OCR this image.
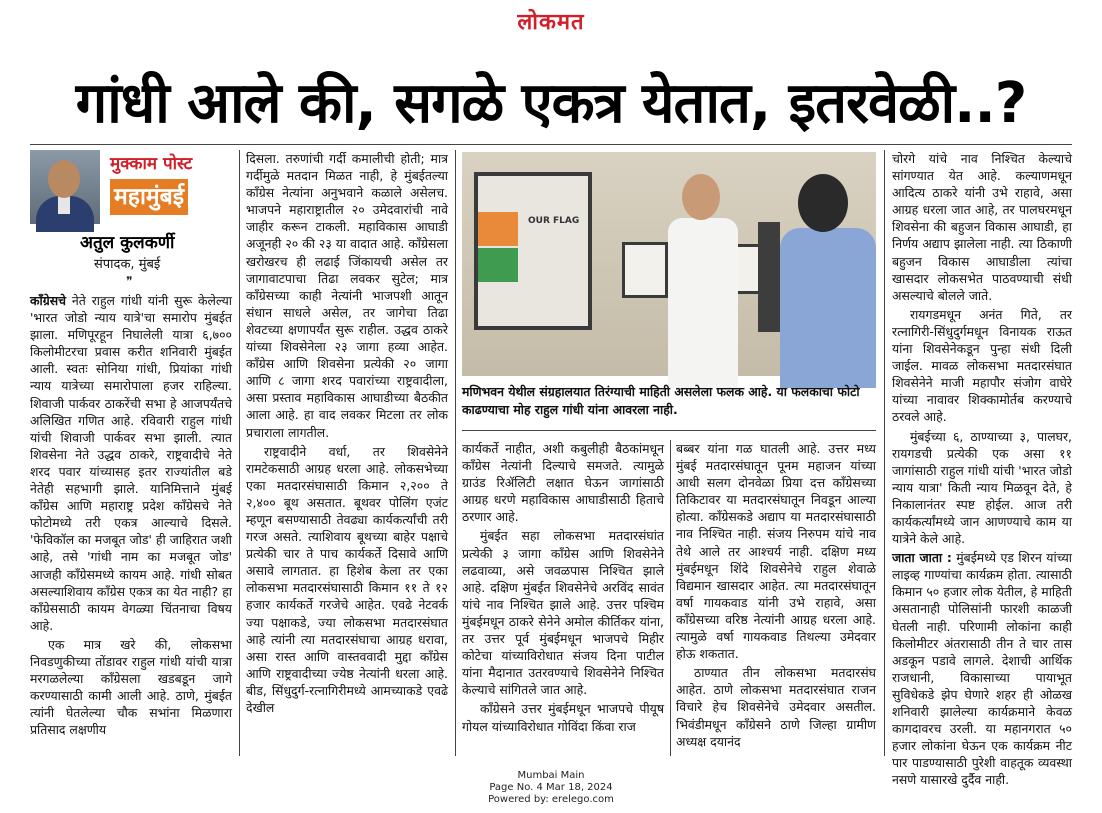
लोकमत
गांधी आले की, सगळे एकत्र येतात, इतरवेळी..?
मुक्काम पोस्ट
महामुंबई
अतुल कुलकर्णी
संपादक, मुंबई
❞

काँग्रेसचे नेते राहुल गांधी यांनी सुरू केलेल्या 'भारत जोडो न्याय यात्रे'चा समारोप मुंबईत झाला. मणिपूरहून निघालेली यात्रा ६,७०० किलोमीटरचा प्रवास करीत शनिवारी मुंबईत आली. स्वतः सोनिया गांधी, प्रियांका गांधी न्याय यात्रेच्या समारोपाला हजर राहिल्या. शिवाजी पार्कवर ठाकरेंची सभा हे आजपर्यंतचे अलिखित गणित आहे. रविवारी राहुल गांधी यांची शिवाजी पार्कवर सभा झाली. त्यात शिवसेना नेते उद्धव ठाकरे, राष्ट्रवादीचे नेते शरद पवार यांच्यासह इतर राज्यांतील बडे नेतेही सहभागी झाले. यानिमित्ताने मुंबई काँग्रेस आणि महाराष्ट्र प्रदेश काँग्रेसचे नेते फोटोमध्ये तरी एकत्र आल्याचे दिसले. 'फेविकॉल का मजबूत जोड' ही जाहिरात जशी आहे, तसे 'गांधी नाम का मजबूत जोड' आजही काँग्रेसमध्ये कायम आहे. गांधी सोबत असल्याशिवाय काँग्रेस एकत्र का येत नाही? हा काँग्रेससाठी कायम वेगळ्या चिंतनाचा विषय आहे.

एक मात्र खरे की, लोकसभा निवडणुकीच्या तोंडावर राहुल गांधी यांची यात्रा मरगळलेल्या काँग्रेसला खडबडून जागे करण्यासाठी कामी आली आहे. ठाणे, मुंबईत त्यांनी घेतलेल्या चौक सभांना मिळणारा प्रतिसाद लक्षणीय

दिसला. तरुणांची गर्दी कमालीची होती; मात्र गर्दीमुळे मतदान मिळत नाही, हे मुंबईतल्या काँग्रेस नेत्यांना अनुभवाने कळाले असेलच. भाजपने महाराष्ट्रातील २० उमेदवारांची नावे जाहीर करून टाकली. महाविकास आघाडी अजूनही २० की २३ या वादात आहे. काँग्रेसला खरोखरच ही लढाई जिंकायची असेल तर जागावाटपाचा तिढा लवकर सुटेल; मात्र काँग्रेसच्या काही नेत्यांनी भाजपशी आतून संधान साधले असेल, तर जागेचा तिढा शेवटच्या क्षणापर्यंत सुरू राहील. उद्धव ठाकरे यांच्या शिवसेनेला २३ जागा हव्या आहेत. काँग्रेस आणि शिवसेना प्रत्येकी २० जागा आणि ८ जागा शरद पवारांच्या राष्ट्रवादीला, असा प्रस्ताव महाविकास आघाडीच्या बैठकीत आला आहे. हा वाद लवकर मिटला तर लोक प्रचाराला लागतील.

राष्ट्रवादीने वर्धा, तर शिवसेनेने रामटेकसाठी आग्रह धरला आहे. लोकसभेच्या एका मतदारसंघासाठी किमान २,२०० ते २,४०० बूथ असतात. बूथवर पोलिंग एजंट म्हणून बसण्यासाठी तेवढ्या कार्यकर्त्यांची तरी गरज असते. त्याशिवाय बूथच्या बाहेर पक्षाचे प्रत्येकी चार ते पाच कार्यकर्ते दिसावे आणि असावे लागतात. हा हिशेब केला तर एका लोकसभा मतदारसंघासाठी किमान ११ ते १२ हजार कार्यकर्ते गरजेचे आहेत. एवढे नेटवर्क ज्या पक्षाकडे, ज्या लोकसभा मतदारसंघात आहे त्यांनी त्या मतदारसंघाचा आग्रह धरावा, असा रास्त आणि वास्तववादी मुद्दा काँग्रेस आणि राष्ट्रवादीच्या ज्येष्ठ नेत्यांनी धरला आहे. बीड, सिंधुदुर्ग-रत्नागिरीमध्ये आमच्याकडे एवढे देखील

OUR FLAG
मणिभवन येथील संग्रहालयात तिरंग्याची माहिती असलेला फलक आहे. या फलकाचा फोटो काढण्याचा मोह राहुल गांधी यांना आवरला नाही.

कार्यकर्ते नाहीत, अशी कबुलीही बैठकांमधून काँग्रेस नेत्यांनी दिल्याचे समजते. त्यामुळे ग्राउंड रिॲलिटी लक्षात घेऊन जागांसाठी आग्रह धरणे महाविकास आघाडीसाठी हिताचे ठरणार आहे.

मुंबईत सहा लोकसभा मतदारसंघांत प्रत्येकी ३ जागा काँग्रेस आणि शिवसेनेने लढवाव्या, असे जवळपास निश्चित झाले आहे. दक्षिण मुंबईत शिवसेनेचे अरविंद सावंत यांचे नाव निश्चित झाले आहे. उत्तर पश्चिम मुंबईमधून ठाकरे सेनेने अमोल कीर्तिकर यांना, तर उत्तर पूर्व मुंबईमधून भाजपचे मिहीर कोटेचा यांच्याविरोधात संजय दिना पाटील यांना मैदानात उतरवण्याचे शिवसेनेने निश्चित केल्याचे सांगितले जात आहे.

काँग्रेसने उत्तर मुंबईमधून भाजपचे पीयूष गोयल यांच्याविरोधात गोविंदा किंवा राज

बब्बर यांना गळ घातली आहे. उत्तर मध्य मुंबई मतदारसंघातून पूनम महाजन यांच्या आधी सलग दोनवेळा प्रिया दत्त काँग्रेसच्या तिकिटावर या मतदारसंघातून निवडून आल्या होत्या. काँग्रेसकडे अद्याप या मतदारसंघासाठी नाव निश्चित नाही. संजय निरुपम यांचे नाव तेथे आले तर आश्चर्य नाही. दक्षिण मध्य मुंबईमधून शिंदे शिवसेनेचे राहुल शेवाळे विद्यमान खासदार आहेत. त्या मतदारसंघातून वर्षा गायकवाड यांनी उभे राहावे, असा काँग्रेसच्या वरिष्ठ नेत्यांनी आग्रह धरला आहे. त्यामुळे वर्षा गायकवाड तिथल्या उमेदवार होऊ शकतात.

ठाण्यात तीन लोकसभा मतदारसंघ आहेत. ठाणे लोकसभा मतदारसंघात राजन विचारे हेच शिवसेनेचे उमेदवार असतील. भिवंडीमधून काँग्रेसने ठाणे जिल्हा ग्रामीण अध्यक्ष दयानंद

चोरगे यांचे नाव निश्चित केल्याचे सांगण्यात येत आहे. कल्याणमधून आदित्य ठाकरे यांनी उभे राहावे, असा आग्रह धरला जात आहे, तर पालघरमधून शिवसेना की बहुजन विकास आघाडी, हा निर्णय अद्याप झालेला नाही. त्या ठिकाणी बहुजन विकास आघाडीला त्यांचा खासदार लोकसभेत पाठवण्याची संधी असल्याचे बोलले जाते.

रायगडमधून अनंत गिते, तर रत्नागिरी-सिंधुदुर्गमधून विनायक राऊत यांना शिवसेनेकडून पुन्हा संधी दिली जाईल. मावळ लोकसभा मतदारसंघात शिवसेनेने माजी महापौर संजोग वाघेरे यांच्या नावावर शिक्कामोर्तब करण्याचे ठरवले आहे.

मुंबईच्या ६, ठाण्याच्या ३, पालघर, रायगडची प्रत्येकी एक असा ११ जागांसाठी राहुल गांधी यांची 'भारत जोडो न्याय यात्रा' किती न्याय मिळवून देते, हे निकालानंतर स्पष्ट होईल. आज तरी कार्यकर्त्यांमध्ये जान आणण्याचे काम या यात्रेने केले आहे.

जाता जाता : मुंबईमध्ये एड शिरन यांच्या लाइव्ह गाण्यांचा कार्यक्रम होता. त्यासाठी किमान ५० हजार लोक येतील, हे माहिती असतानाही पोलिसांनी फारशी काळजी घेतली नाही. परिणामी लोकांना काही किलोमीटर अंतरासाठी तीन ते चार तास अडकून पडावे लागले. देशाची आर्थिक राजधानी, विकासाच्या पायाभूत सुविधेकडे झेप घेणारे शहर ही ओळख शनिवारी झालेल्या कार्यक्रमाने केवळ कागदावरच उरली. या महानगरात ५० हजार लोकांना घेऊन एक कार्यक्रम नीट पार पाडण्यासाठी पुरेशी वाहतूक व्यवस्था नसणे यासारखे दुर्दैव नाही.

Mumbai Main
Page No. 4 Mar 18, 2024
Powered by: erelego.com
